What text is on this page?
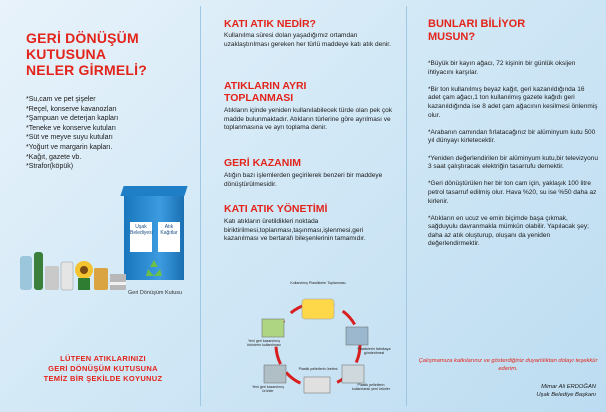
GERİ DÖNÜŞÜM
KUTUSUNA
NELER GİRMELİ?
*Su,cam ve pet şişeler
*Reçel, konserve kavanozları
*Şampuan ve deterjan kapları
*Teneke ve konserve kutuları
*Süt ve meyve suyu kutuları
*Yoğurt ve margarin kapları.
*Kağıt, gazete vb.
*Strafor(köpük)
Uşak Belediyesi
Atık Kağıtlar
Geri Dönüşüm Kutusu
LÜTFEN ATIKLARINIZI
GERİ DÖNÜŞÜM KUTUSUNA
TEMİZ BİR ŞEKİLDE KOYUNUZ
KATI ATIK NEDİR?
Kullanılma süresi dolan yaşadığımız ortamdan uzaklaştırılması gereken her türlü maddeye katı atık denir.
ATIKLARIN AYRI
TOPLANMASI
Atıkların içinde yeniden kullanılabilecek türde olan pek çok madde bulunmaktadır. Atıkların türlerine göre ayrılması ve toplanmasına ve ayrı toplama denir.
GERİ KAZANIM
Atığın bazı işlemlerden geçirilerek benzeri bir maddeye dönüştürülmesidir.
KATI ATIK YÖNETİMİ
Katı atıkların üretildikleri noktada biriktirilmesi,toplanması,taşınması,işlenmesi,geri kazanılması ve bertarafı bileşenlerinin tamamıdır.
Kullanılmış Plastiklerin Toplanması
Plastiklerin fabrikaya gönderilmesi
Plastik pelletlerin kullanılarak yeni ürünler
Plastik pelletlerin üretimi
Yeni geri kazanılmış ürünler
Yeni geri kazanılmış ürünlerin kullanılması
BUNLARI BİLİYOR
MUSUN?
*Büyük bir kayın ağacı, 72 kişinin bir günlük oksijen ihtiyacını karşılar.
*Bir ton kullanılmış beyaz kağıt, geri kazanıldığında 16 adet çam ağacı,1 ton kullanılmış gazete kağıdı geri kazanıldığında ise 8 adet çam ağacının kesilmesi önlenmiş olur.
*Arabanın camından fırlatacağınız bir alüminyum kutu 500 yıl dünyayı kirletecektir.
*Yeniden değerlendirilen bir alüminyum kutu,bir televizyonu 3 saat çalıştıracak elektriğin tasarrufu demektir.
*Geri dönüştürülen her bir ton cam için, yaklaşık 100 litre petrol tasarruf edilmiş olur. Hava %20, su ise %50 daha az kirlenir.
*Atıkların en ucuz ve emin biçimde başa çıkmak, sağduyulu davranmakla mümkün olabilir. Yapılacak şey; daha az atık oluşturup, oluşanı da yeniden değerlendirmektir.
Çalışmamıza katkılarınız ve gösterdiğiniz duyarlılıktan dolayı teşekkür ederim.
Mimar Ali ERDOĞAN
Uşak Belediye Başkanı
